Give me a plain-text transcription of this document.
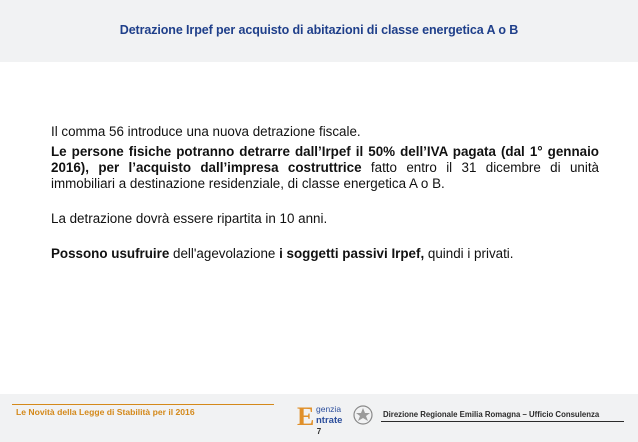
Detrazione Irpef per acquisto di abitazioni di classe energetica A o B

Il comma 56 introduce una nuova detrazione fiscale.

Le persone fisiche potranno detrarre dall’Irpef il 50% dell’IVA pagata (dal 1° gennaio 2016), per l’acquisto dall’impresa costruttrice fatto entro il 31 dicembre di unità immobiliari a destinazione residenziale, di classe energetica A o B.

La detrazione dovrà essere ripartita in 10 anni.

Possono usufruire dell'agevolazione i soggetti passivi Irpef, quindi i privati.

Le Novità della Legge di Stabilità per il 2016	E genzia
ntrate
Direzione Regionale Emilia Romagna – Ufficio Consulenza
7
